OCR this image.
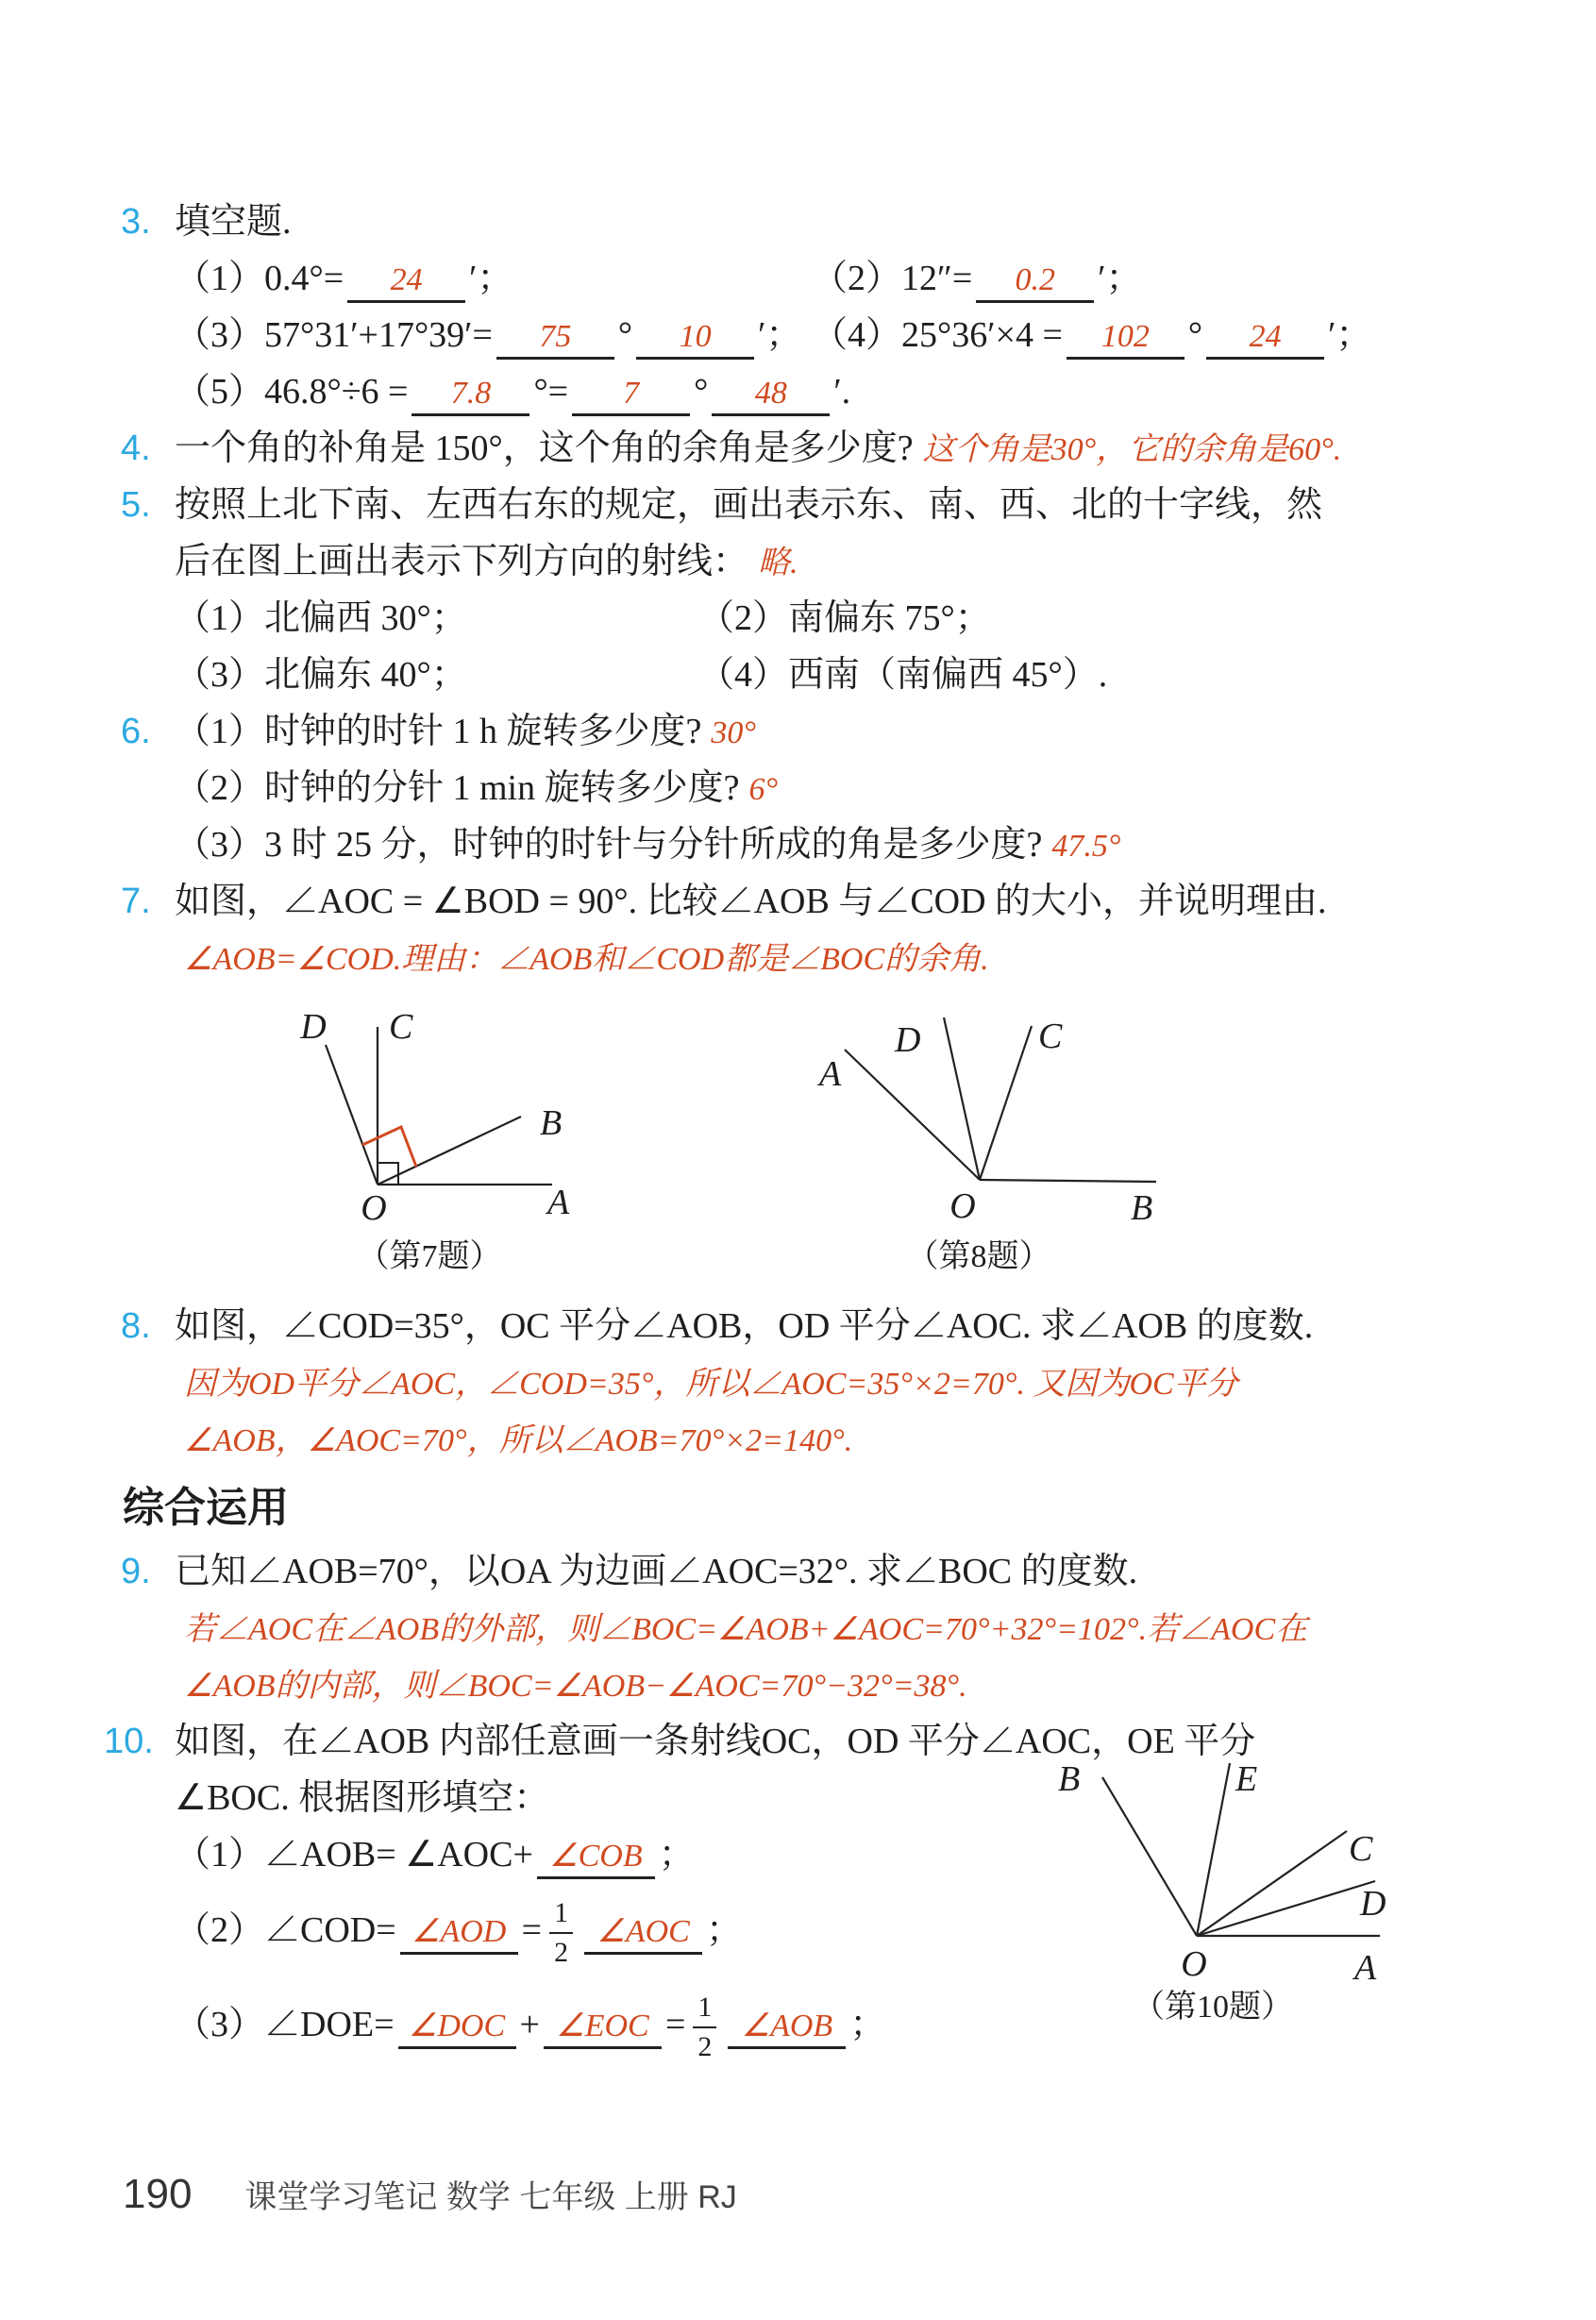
3. 填空题.
（1）0.4°= 24 ′；	（2）12″= 0.2 ′；
（3）57°31′+17°39′= 75 ° 10 ′； （4）25°36′×4 = 102 ° 24 ′；
（5）46.8°÷6 = 7.8 °= 7 ° 48 ′.
4. 一个角的补角是 150°，这个角的余角是多少度? 这个角是30°，它的余角是60°.
5. 按照上北下南、左西右东的规定，画出表示东、南、西、北的十字线，然
后在图上画出表示下列方向的射线： 略.
（1）北偏西 30°；	（2）南偏东 75°；
（3）北偏东 40°；	（4）西南（南偏西 45°）.
6. （1）时钟的时针 1 h 旋转多少度? 30°
（2）时钟的分针 1 min 旋转多少度? 6°
（3）3 时 25 分，时钟的时针与分针所成的角是多少度? 47.5°
7. 如图，∠AOC = ∠BOD = 90°. 比较∠AOB 与∠COD 的大小，并说明理由.
∠AOB=∠COD.理由：∠AOB和∠COD都是∠BOC的余角.
D C
B
A
O
（第7题）
A
D	C
O	B
（第8题）
8. 如图，∠COD=35°，OC 平分∠AOB，OD 平分∠AOC. 求∠AOB 的度数.
因为OD平分∠AOC，∠COD=35°，所以∠AOC=35°×2=70°. 又因为OC平分
∠AOB，∠AOC=70°，所以∠AOB=70°×2=140°.
综合运用
9. 已知∠AOB=70°，以OA 为边画∠AOC=32°. 求∠BOC 的度数.
若∠AOC在∠AOB的外部，则∠BOC=∠AOB+∠AOC=70°+32°=102°.若∠AOC在
∠AOB的内部，则∠BOC=∠AOB−∠AOC=70°−32°=38°.
10. 如图，在∠AOB 内部任意画一条射线OC，OD 平分∠AOC，OE 平分
∠BOC. 根据图形填空：
（1）∠AOB= ∠AOC+ ∠COB ；
（2）∠COD= ∠AOD = $\frac{1}{2}$ ∠AOC ；
（3）∠DOE= ∠DOC + ∠EOC = $\frac{1}{2}$ ∠AOB ；
B	E
C
D
O	A
（第10题）
190 课堂学习笔记 数学 七年级 上册 RJ
